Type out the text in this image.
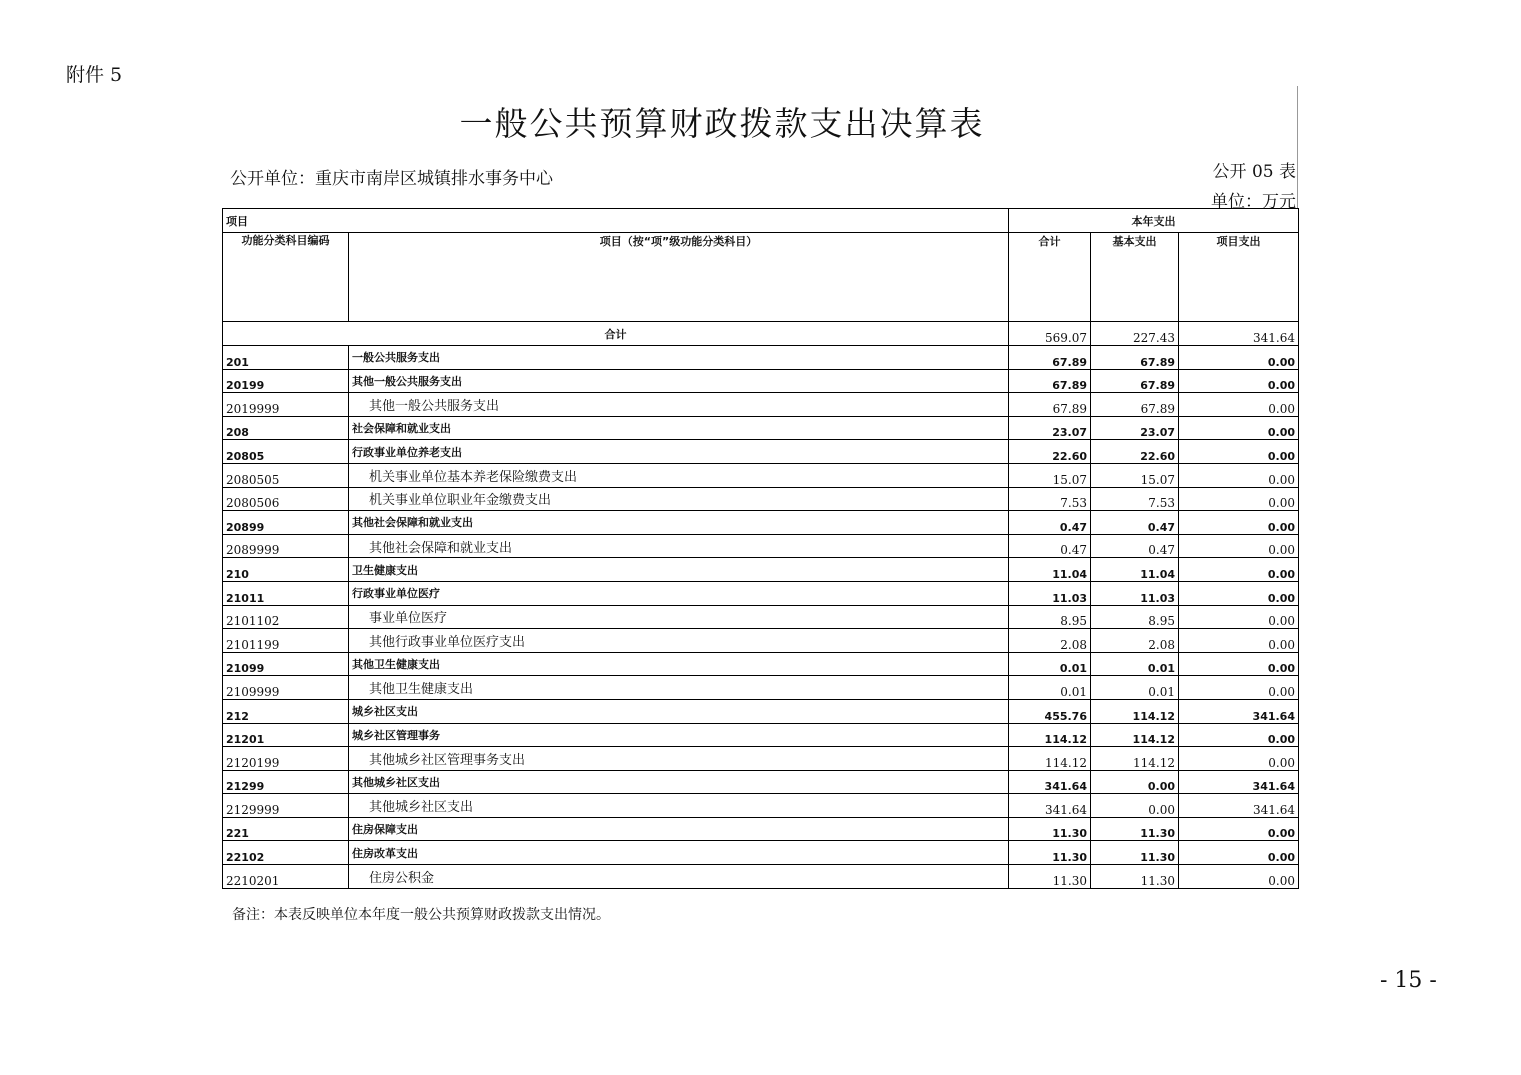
附件 5
一般公共预算财政拨款支出决算表
公开单位：重庆市南岸区城镇排水事务中心	公开 05 表
单位：万元
项目		本年支出		
功能分类科目编码	项目（按“项”级功能分类科目）	合计	基本支出	项目支出
合计		569.07	227.43	341.64
201	一般公共服务支出	67.89	67.89	0.00
20199	其他一般公共服务支出	67.89	67.89	0.00
2019999	其他一般公共服务支出	67.89	67.89	0.00
208	社会保障和就业支出	23.07	23.07	0.00
20805	行政事业单位养老支出	22.60	22.60	0.00
2080505	机关事业单位基本养老保险缴费支出	15.07	15.07	0.00
2080506	机关事业单位职业年金缴费支出	7.53	7.53	0.00
20899	其他社会保障和就业支出	0.47	0.47	0.00
2089999	其他社会保障和就业支出	0.47	0.47	0.00
210	卫生健康支出	11.04	11.04	0.00
21011	行政事业单位医疗	11.03	11.03	0.00
2101102	事业单位医疗	8.95	8.95	0.00
2101199	其他行政事业单位医疗支出	2.08	2.08	0.00
21099	其他卫生健康支出	0.01	0.01	0.00
2109999	其他卫生健康支出	0.01	0.01	0.00
212	城乡社区支出	455.76	114.12	341.64
21201	城乡社区管理事务	114.12	114.12	0.00
2120199	其他城乡社区管理事务支出	114.12	114.12	0.00
21299	其他城乡社区支出	341.64	0.00	341.64
2129999	其他城乡社区支出	341.64	0.00	341.64
221	住房保障支出	11.30	11.30	0.00
22102	住房改革支出	11.30	11.30	0.00
2210201	住房公积金	11.30	11.30	0.00
备注：本表反映单位本年度一般公共预算财政拨款支出情况。
- 15 -
